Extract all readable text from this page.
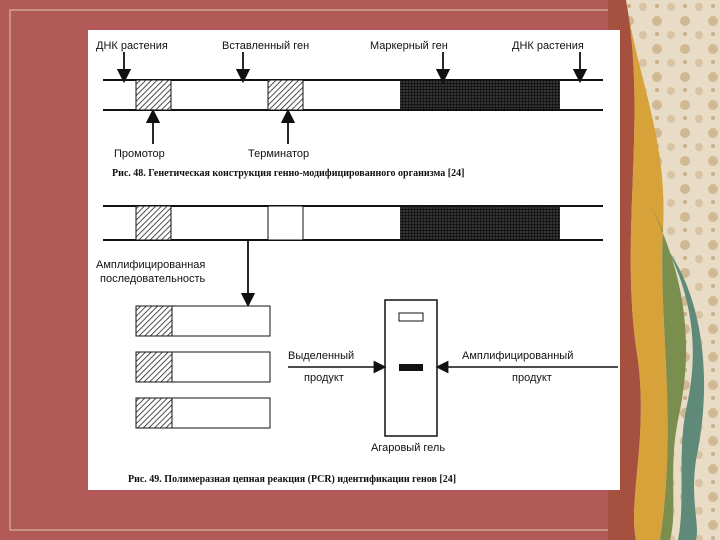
ДНК растения	Вставленный ген	Маркерный ген	ДНК растения
Промотор	Терминатор
Рис. 48. Генетическая конструкция генно-модифицированного организма [24]
Амплифицированная
последовательность
Выделенный
продукт
Амплифицированный
продукт
Агаровый гель
Рис. 49. Полимеразная цепная реакция (PCR) идентификации генов [24]
